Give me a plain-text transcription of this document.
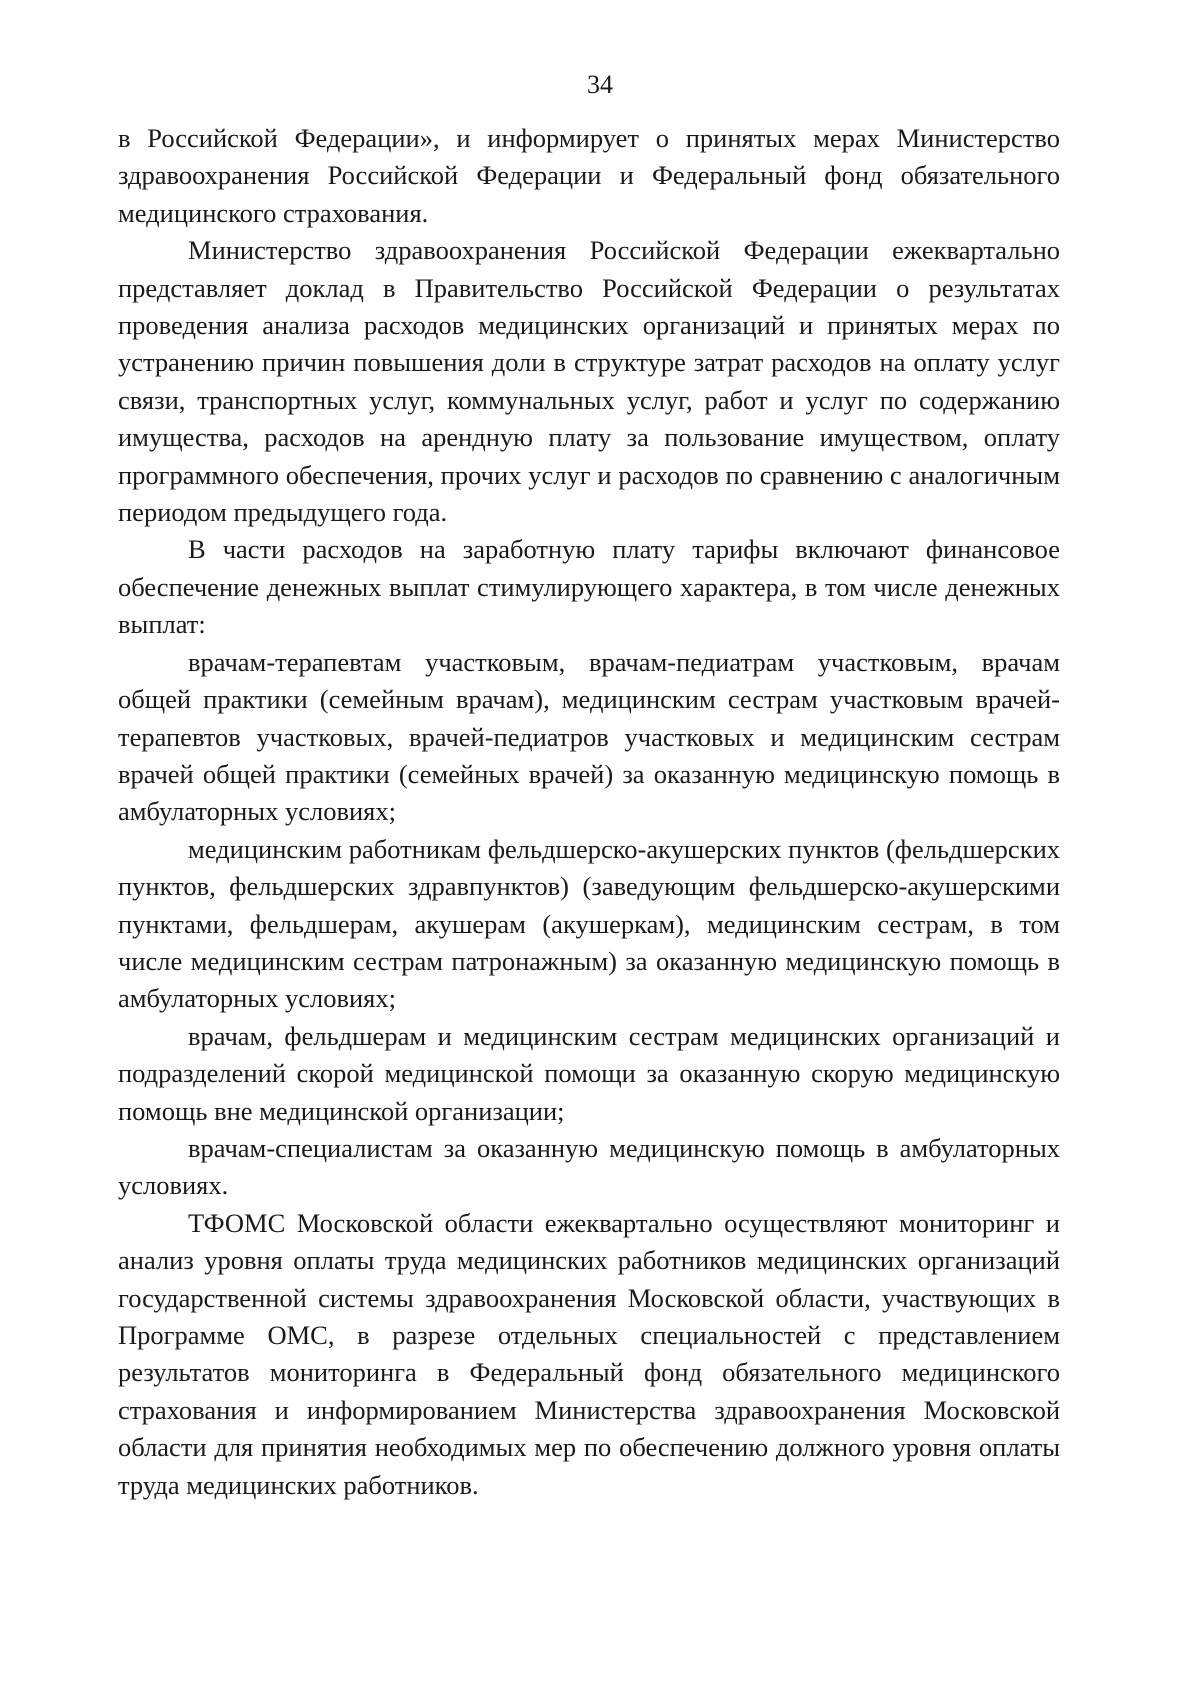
34

в Российской Федерации», и информирует о принятых мерах Министерство здравоохранения Российской Федерации и Федеральный фонд обязательного медицинского страхования.

Министерство здравоохранения Российской Федерации ежеквартально представляет доклад в Правительство Российской Федерации о результатах проведения анализа расходов медицинских организаций и принятых мерах по устранению причин повышения доли в структуре затрат расходов на оплату услуг связи, транспортных услуг, коммунальных услуг, работ и услуг по содержанию имущества, расходов на арендную плату за пользование имуществом, оплату программного обеспечения, прочих услуг и расходов по сравнению с аналогичным периодом предыдущего года.

В части расходов на заработную плату тарифы включают финансовое обеспечение денежных выплат стимулирующего характера, в том числе денежных выплат:

врачам-терапевтам участковым, врачам-педиатрам участковым, врачам общей практики (семейным врачам), медицинским сестрам участковым врачей-терапевтов участковых, врачей-педиатров участковых и медицинским сестрам врачей общей практики (семейных врачей) за оказанную медицинскую помощь в амбулаторных условиях;

медицинским работникам фельдшерско-акушерских пунктов (фельдшерских пунктов, фельдшерских здравпунктов) (заведующим фельдшерско-акушерскими пунктами, фельдшерам, акушерам (акушеркам), медицинским сестрам, в том числе медицинским сестрам патронажным) за оказанную медицинскую помощь в амбулаторных условиях;

врачам, фельдшерам и медицинским сестрам медицинских организаций и подразделений скорой медицинской помощи за оказанную скорую медицинскую помощь вне медицинской организации;

врачам-специалистам за оказанную медицинскую помощь в амбулаторных условиях.

ТФОМС Московской области ежеквартально осуществляют мониторинг и анализ уровня оплаты труда медицинских работников медицинских организаций государственной системы здравоохранения Московской области, участвующих в Программе ОМС, в разрезе отдельных специальностей с представлением результатов мониторинга в Федеральный фонд обязательного медицинского страхования и информированием Министерства здравоохранения Московской области для принятия необходимых мер по обеспечению должного уровня оплаты труда медицинских работников.
